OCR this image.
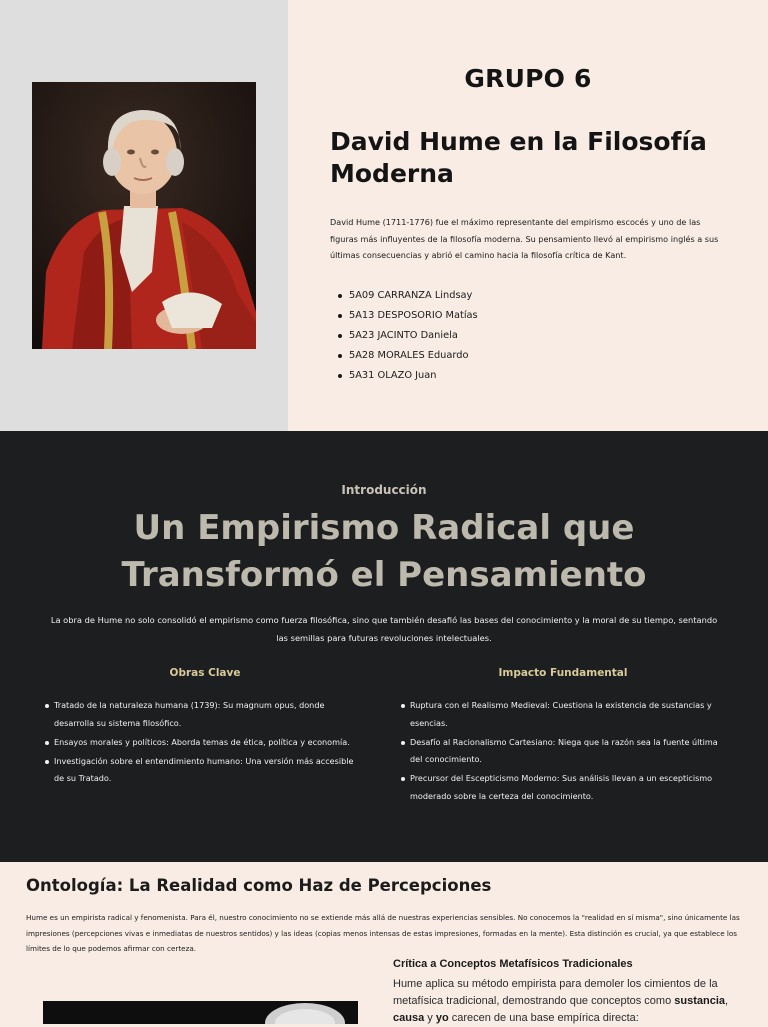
GRUPO 6
David Hume en la Filosofía Moderna

David Hume (1711-1776) fue el máximo representante del empirismo escocés y uno de las figuras más influyentes de la filosofía moderna. Su pensamiento llevó al empirismo inglés a sus últimas consecuencias y abrió el camino hacia la filosofía crítica de Kant.

5A09 CARRANZA Lindsay
5A13 DESPOSORIO Matías
5A23 JACINTO Daniela
5A28 MORALES Eduardo
5A31 OLAZO Juan
Introducción
Un Empirismo Radical que Transformó el Pensamiento

La obra de Hume no solo consolidó el empirismo como fuerza filosófica, sino que también desafió las bases del conocimiento y la moral de su tiempo, sentando las semillas para futuras revoluciones intelectuales.

Obras Clave
Tratado de la naturaleza humana (1739): Su magnum opus, donde desarrolla su sistema filosófico.
Ensayos morales y políticos: Aborda temas de ética, política y economía.
Investigación sobre el entendimiento humano: Una versión más accesible de su Tratado.
Impacto Fundamental
Ruptura con el Realismo Medieval: Cuestiona la existencia de sustancias y esencias.
Desafío al Racionalismo Cartesiano: Niega que la razón sea la fuente última del conocimiento.
Precursor del Escepticismo Moderno: Sus análisis llevan a un escepticismo moderado sobre la certeza del conocimiento.
Ontología: La Realidad como Haz de Percepciones

Hume es un empirista radical y fenomenista. Para él, nuestro conocimiento no se extiende más allá de nuestras experiencias sensibles. No conocemos la "realidad en sí misma", sino únicamente las impresiones (percepciones vivas e inmediatas de nuestros sentidos) y las ideas (copias menos intensas de estas impresiones, formadas en la mente). Esta distinción es crucial, ya que establece los límites de lo que podemos afirmar con certeza.

Crítica a Conceptos Metafísicos Tradicionales

Hume aplica su método empirista para demoler los cimientos de la metafísica tradicional, demostrando que conceptos como sustancia, causa y yo carecen de una base empírica directa:
